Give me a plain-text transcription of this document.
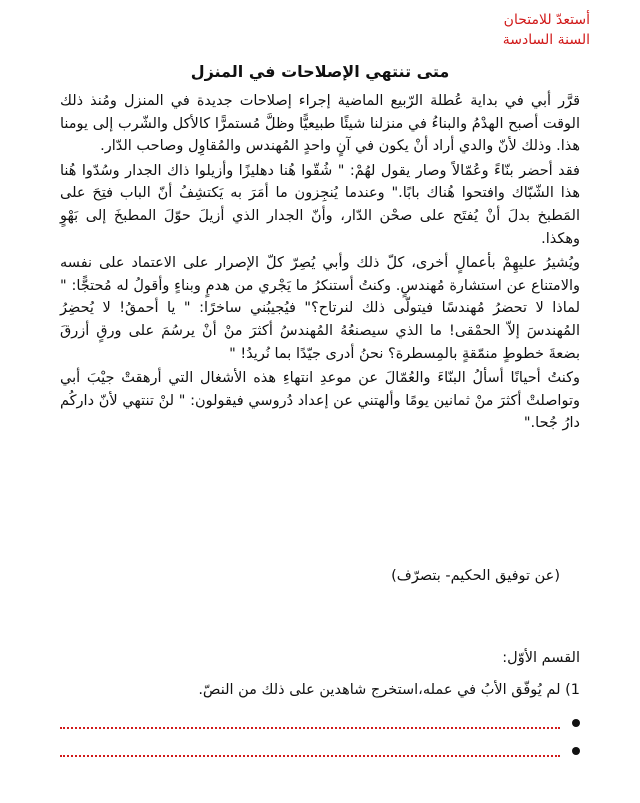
أستعدّ للامتحان
السنة السادسة
متى تنتهي الإصلاحات في المنزل

قرَّر أبي في بداية عُطلة الرّبيع الماضية إجراء إصلاحات جديدة في المنزل ومُنذ ذلك الوقت أصبح الهدْمُ والبناءُ في منزلنا شيئًا طبيعيًّا وظلَّ مُستمرًّا كالأكل والشّرب إلى يومنا هذا. وذلك لأنّ والدي أراد أنْ يكون في آنٍ واحدٍ المُهندس والمُقاوِل وصاحب الدّار.

فقد أحضر بنّاءً وعُمّالاً وصار يقول لهُمْ: " شُقّوا هُنا دهليزًا وأزيلوا ذاك الجدار وسُدّوا هُنا هذا الشّبّاك وافتحوا هُناك بابًا." وعندما يُنجِزون ما أمَرَ به يَكتشِفُ أنّ الباب فتِحَ على المَطبخ بدلَ أنْ يُفتَح على صحْن الدّار، وأنّ الجدار الذي أزيلَ حوّلَ المطبخَ إلى بَهْوٍ وهكذا.

ويُشيرُ عليهِمْ بأعمالٍ أخرى، كلّ ذلك وأبي يُصِرّ كلّ الإصرار على الاعتماد على نفسه والامتناع عن استشارة مُهندسٍ. وكنتُ أستنكرُ ما يَجْري من هدمٍ وبناءٍ وأقولُ له مُحتجًّا: " لماذا لا تحضرُ مُهندسًا فيتولّى ذلك لنرتاح؟" فيُجيبُني ساخرًا: " يا أحمقُ! لا يُحضِرُ المُهندسَ إلاّ الحمْقى! ما الذي سيصنعُهُ المُهندسُ أكثرَ منْ أنْ يرسُمَ على ورقٍ أزرقَ بضعةَ خطوطٍ منمّقةٍ بالمِسطرة؟ نحنُ أدرى جيّدًا بما نُريدُ! "

وكنتُ أحيانًا أسألُ البنّاءَ والعُمّالَ عن موعدِ انتهاءِ هذه الأشغال التي أرهقتْ جيْبَ أبي وتواصلتْ أكثرَ منْ ثمانين يومًا وألهتني عن إعداد دُروسي فيقولون: " لنْ تنتهي لأنّ داركُم دارُ جُحا."

(عن توفيق الحكيم- بتصرّف)
القسم الأوّل:
1) لم يُوفّق الأبُ في عمله،استخرج شاهدين على ذلك من النصّ.
